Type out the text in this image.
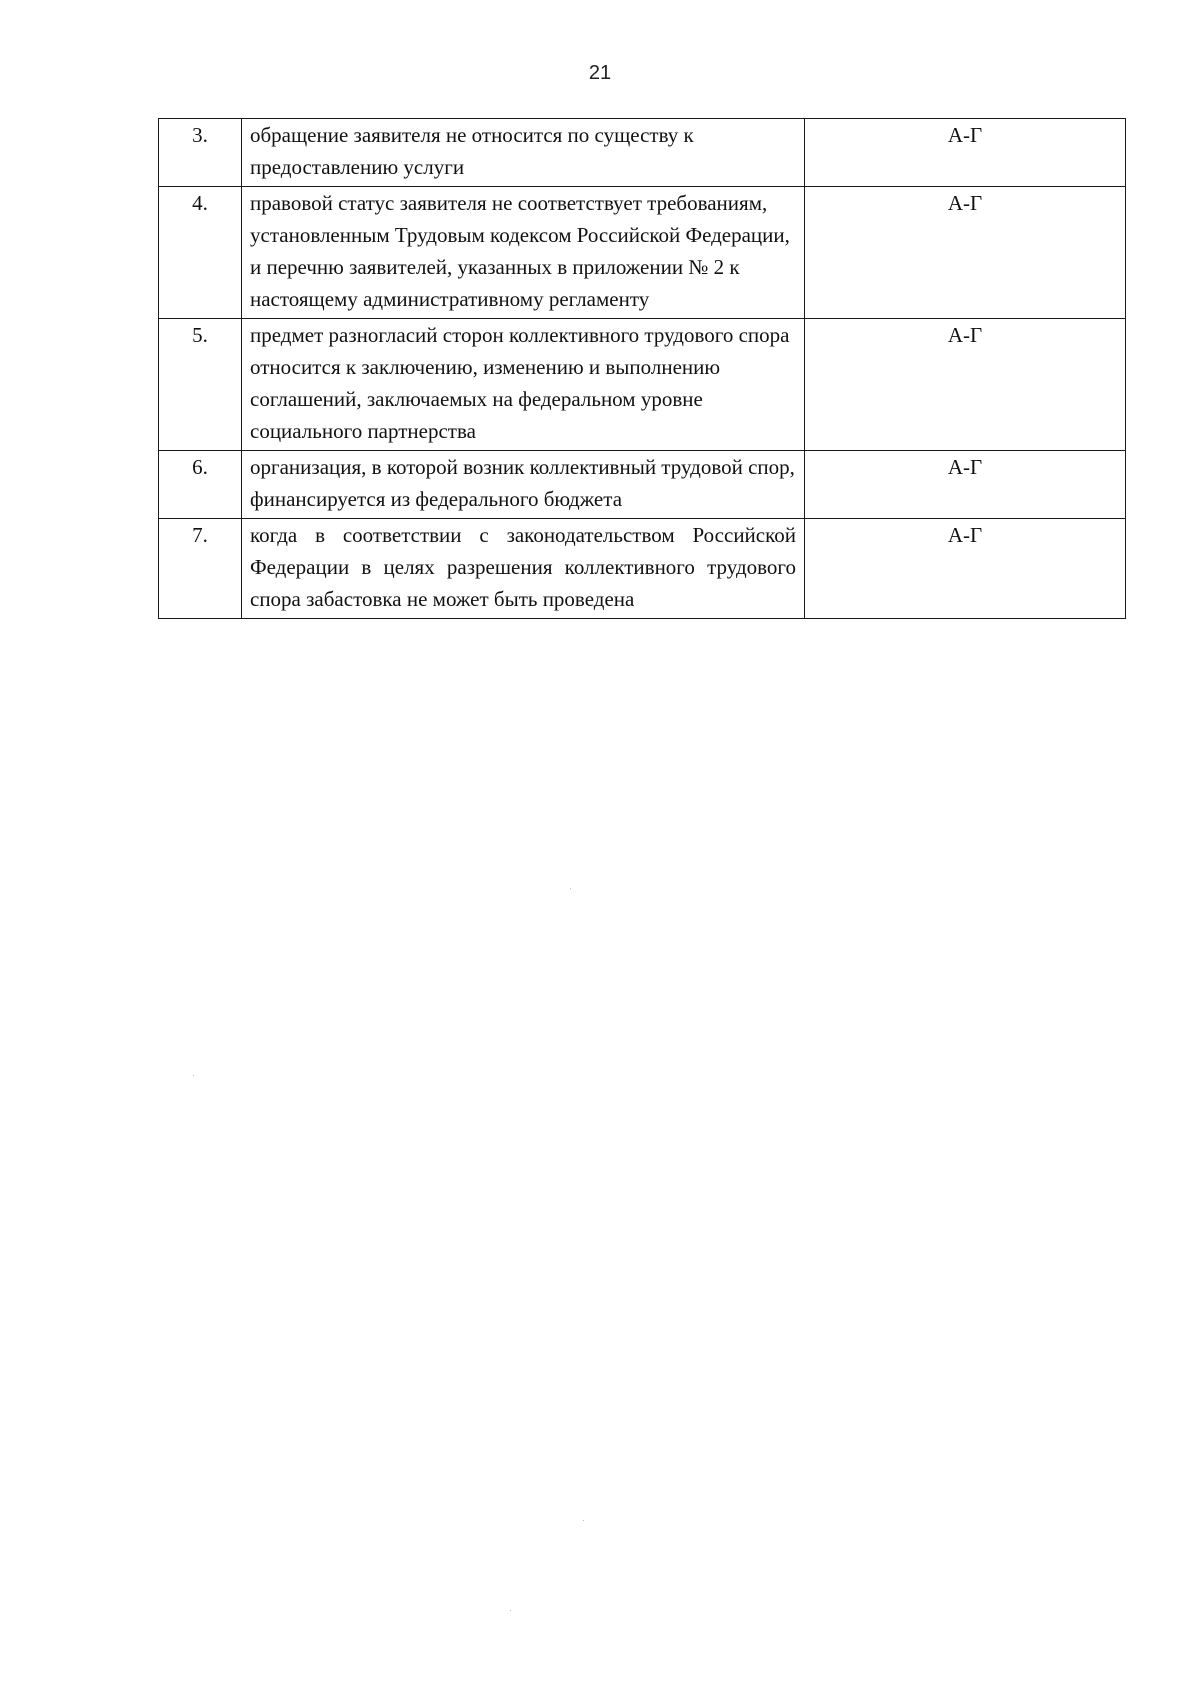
21
3.	обращение заявителя не относится по существу к предоставлению услуги	А-Г
4.	правовой статус заявителя не соответствует требованиям, установленным Трудовым кодексом Российской Федерации, и перечню заявителей, указанных в приложении № 2 к настоящему административному регламенту	А-Г
5.	предмет разногласий сторон коллективного трудового спора относится к заключению, изменению и выполнению соглашений, заключаемых на федеральном уровне социального партнерства	А-Г
6.	организация, в которой возник коллективный трудовой спор, финансируется из федерального бюджета	А-Г
7.	когда в соответствии с законодательством Российской Федерации в целях разрешения коллективного трудового спора забастовка не может быть проведена	А-Г
